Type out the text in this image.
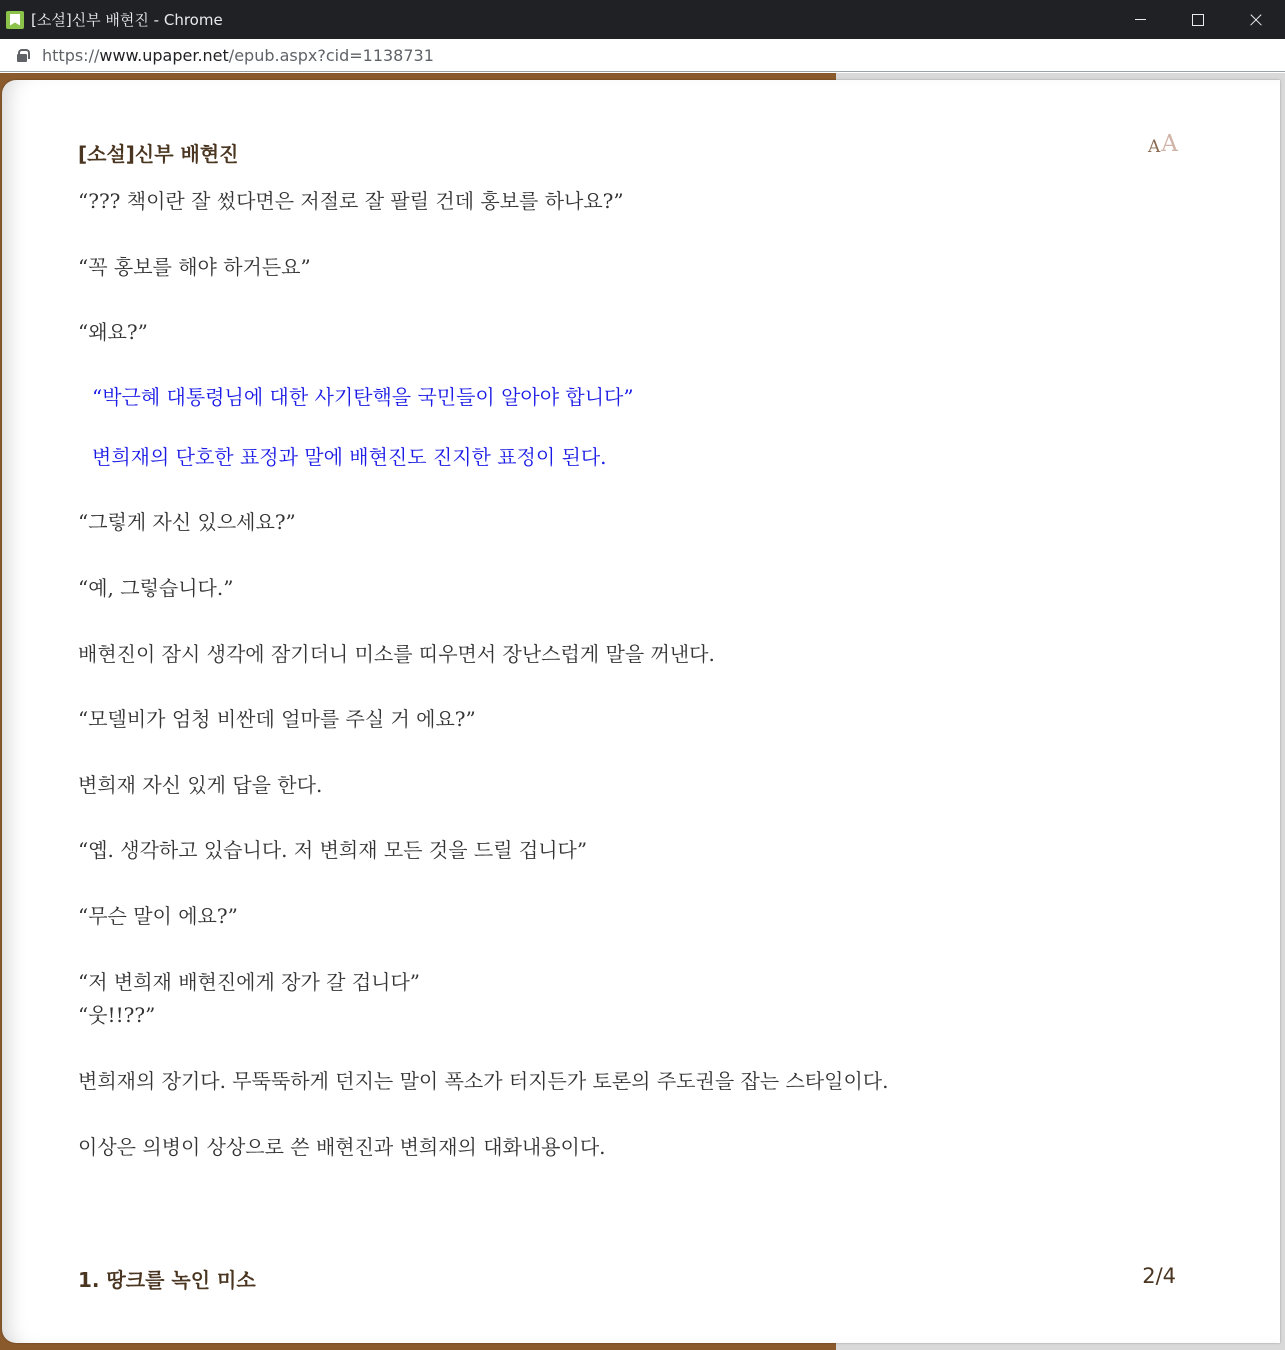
[소설]신부 배현진 - Chrome
https://www.upaper.net/epub.aspx?cid=1138731
[소설]신부 배현진	A A
“??? 책이란 잘 썼다면은 저절로 잘 팔릴 건데 홍보를 하나요?”
“꼭 홍보를 해야 하거든요”
“왜요?”
“박근혜 대통령님에 대한 사기탄핵을 국민들이 알아야 합니다”
변희재의 단호한 표정과 말에 배현진도 진지한 표정이 된다.
“그렇게 자신 있으세요?”
“예, 그렇습니다.”
배현진이 잠시 생각에 잠기더니 미소를 띠우면서 장난스럽게 말을 꺼낸다.
“모델비가 엄청 비싼데 얼마를 주실 거 에요?”
변희재 자신 있게 답을 한다.
“옙. 생각하고 있습니다. 저 변희재 모든 것을 드릴 겁니다”
“무슨 말이 에요?”
“저 변희재 배현진에게 장가 갈 겁니다”
“웃!!??”
변희재의 장기다. 무뚝뚝하게 던지는 말이 폭소가 터지든가 토론의 주도권을 잡는 스타일이다.
이상은 의병이 상상으로 쓴 배현진과 변희재의 대화내용이다.
1. 땅크를 녹인 미소	2/4
